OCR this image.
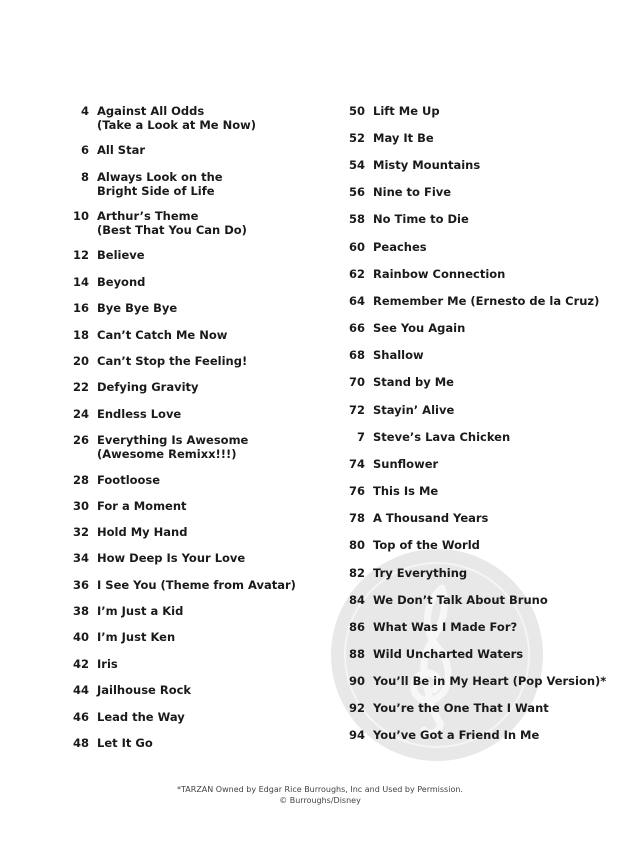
4 Against All Odds
(Take a Look at Me Now)
6 All Star
8 Always Look on the
Bright Side of Life
10 Arthur’s Theme
(Best That You Can Do)
12 Believe
14 Beyond
16 Bye Bye Bye
18 Can’t Catch Me Now
20 Can’t Stop the Feeling!
22 Defying Gravity
24 Endless Love
26 Everything Is Awesome
(Awesome Remixx!!!)
28 Footloose
30 For a Moment
32 Hold My Hand
34 How Deep Is Your Love
36 I See You (Theme from Avatar)
38 I’m Just a Kid
40 I’m Just Ken
42 Iris
44 Jailhouse Rock
46 Lead the Way
48 Let It Go
50 Lift Me Up
52 May It Be
54 Misty Mountains
56 Nine to Five
58 No Time to Die
60 Peaches
62 Rainbow Connection
64 Remember Me (Ernesto de la Cruz)
66 See You Again
68 Shallow
70 Stand by Me
72 Stayin’ Alive
7 Steve’s Lava Chicken
74 Sunflower
76 This Is Me
78 A Thousand Years
80 Top of the World
82 Try Everything
84 We Don’t Talk About Bruno
86 What Was I Made For?
88 Wild Uncharted Waters
90 You’ll Be in My Heart (Pop Version)*
92 You’re the One That I Want
94 You’ve Got a Friend In Me
*TARZAN Owned by Edgar Rice Burroughs, Inc and Used by Permission.
© Burroughs/Disney
